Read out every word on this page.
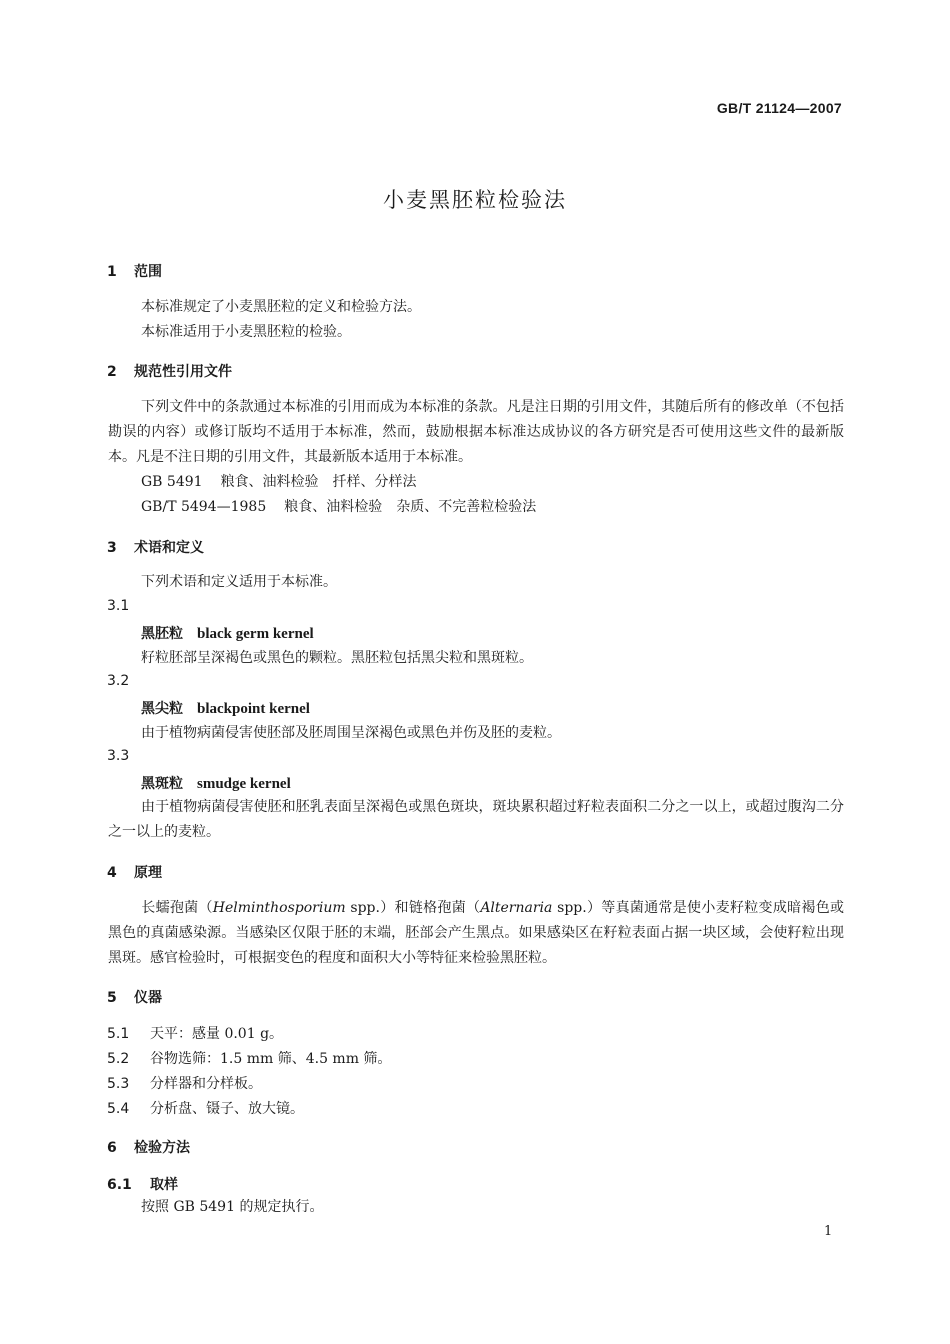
GB/T 21124—2007
小麦黑胚粒检验法
1 范围
本标准规定了小麦黑胚粒的定义和检验方法。
本标准适用于小麦黑胚粒的检验。
2 规范性引用文件
下列文件中的条款通过本标准的引用而成为本标准的条款。凡是注日期的引用文件，其随后所有的修改单（不包括勘误的内容）或修订版均不适用于本标准，然而，鼓励根据本标准达成协议的各方研究是否可使用这些文件的最新版本。凡是不注日期的引用文件，其最新版本适用于本标准。
GB 5491 粮食、油料检验　扦样、分样法
GB/T 5494—1985 粮食、油料检验　杂质、不完善粒检验法
3 术语和定义
下列术语和定义适用于本标准。
3.1
黑胚粒 black germ kernel
籽粒胚部呈深褐色或黑色的颗粒。黑胚粒包括黑尖粒和黑斑粒。
3.2
黑尖粒 blackpoint kernel
由于植物病菌侵害使胚部及胚周围呈深褐色或黑色并伤及胚的麦粒。
3.3
黑斑粒 smudge kernel
由于植物病菌侵害使胚和胚乳表面呈深褐色或黑色斑块，斑块累积超过籽粒表面积二分之一以上，或超过腹沟二分之一以上的麦粒。
4 原理
长蠕孢菌（Helminthosporium spp.）和链格孢菌（Alternaria spp.）等真菌通常是使小麦籽粒变成暗褐色或黑色的真菌感染源。当感染区仅限于胚的末端，胚部会产生黑点。如果感染区在籽粒表面占据一块区域，会使籽粒出现黑斑。感官检验时，可根据变色的程度和面积大小等特征来检验黑胚粒。
5 仪器
5.1 天平：感量 0.01 g。
5.2 谷物选筛：1.5 mm 筛、4.5 mm 筛。
5.3 分样器和分样板。
5.4 分析盘、镊子、放大镜。
6 检验方法
6.1 取样
按照 GB 5491 的规定执行。
1
